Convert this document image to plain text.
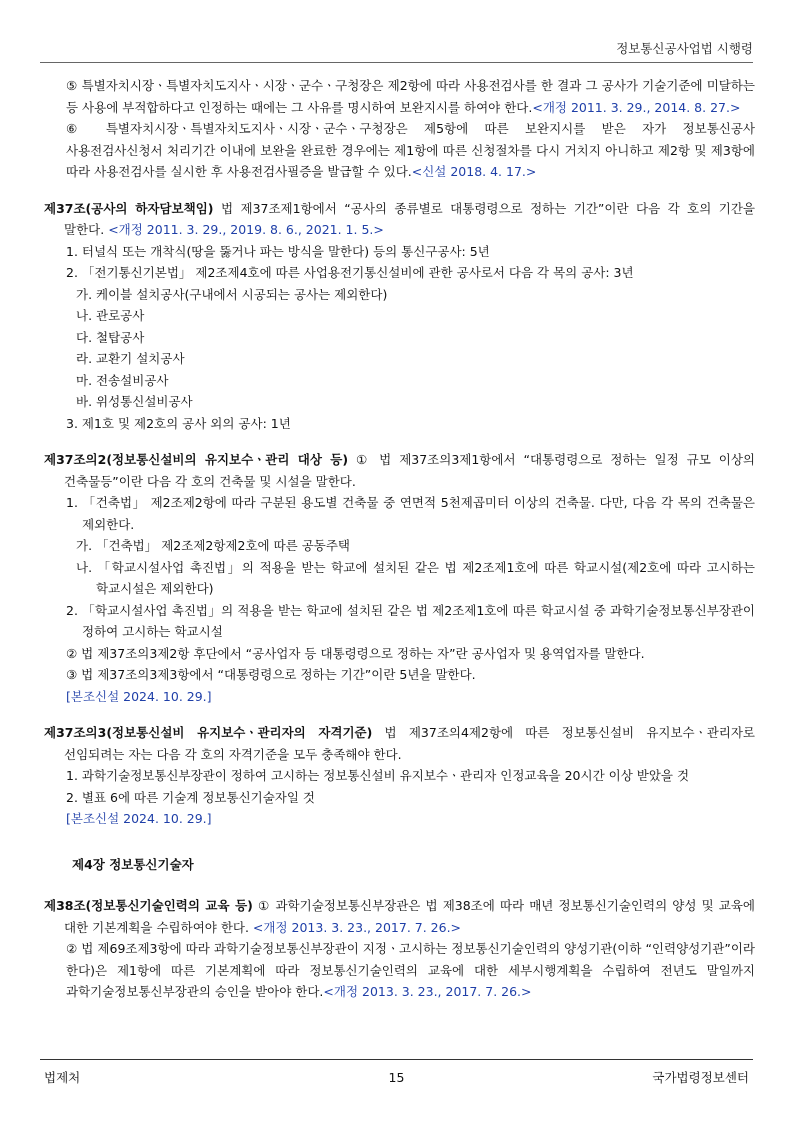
정보통신공사업법 시행령

⑤ 특별자치시장ㆍ특별자치도지사ㆍ시장ㆍ군수ㆍ구청장은 제2항에 따라 사용전검사를 한 결과 그 공사가 기술기준에 미달하는 등 사용에 부적합하다고 인정하는 때에는 그 사유를 명시하여 보완지시를 하여야 한다.<개정 2011. 3. 29., 2014. 8. 27.>

⑥ 특별자치시장ㆍ특별자치도지사ㆍ시장ㆍ군수ㆍ구청장은 제5항에 따른 보완지시를 받은 자가 정보통신공사 사용전검사신청서 처리기간 이내에 보완을 완료한 경우에는 제1항에 따른 신청절차를 다시 거치지 아니하고 제2항 및 제3항에 따라 사용전검사를 실시한 후 사용전검사필증을 발급할 수 있다.<신설 2018. 4. 17.>

제37조(공사의 하자담보책임) 법 제37조제1항에서 “공사의 종류별로 대통령령으로 정하는 기간”이란 다음 각 호의 기간을 말한다. <개정 2011. 3. 29., 2019. 8. 6., 2021. 1. 5.>

1. 터널식 또는 개착식(땅을 뚫거나 파는 방식을 말한다) 등의 통신구공사: 5년

2. 「전기통신기본법」 제2조제4호에 따른 사업용전기통신설비에 관한 공사로서 다음 각 목의 공사: 3년

가. 케이블 설치공사(구내에서 시공되는 공사는 제외한다)

나. 관로공사

다. 철탑공사

라. 교환기 설치공사

마. 전송설비공사

바. 위성통신설비공사

3. 제1호 및 제2호의 공사 외의 공사: 1년

제37조의2(정보통신설비의 유지보수ㆍ관리 대상 등) ① 법 제37조의3제1항에서 “대통령령으로 정하는 일정 규모 이상의 건축물등”이란 다음 각 호의 건축물 및 시설을 말한다.

1. 「건축법」 제2조제2항에 따라 구분된 용도별 건축물 중 연면적 5천제곱미터 이상의 건축물. 다만, 다음 각 목의 건축물은 제외한다.

가. 「건축법」 제2조제2항제2호에 따른 공동주택

나. 「학교시설사업 촉진법」의 적용을 받는 학교에 설치된 같은 법 제2조제1호에 따른 학교시설(제2호에 따라 고시하는 학교시설은 제외한다)

2. 「학교시설사업 촉진법」의 적용을 받는 학교에 설치된 같은 법 제2조제1호에 따른 학교시설 중 과학기술정보통신부장관이 정하여 고시하는 학교시설

② 법 제37조의3제2항 후단에서 “공사업자 등 대통령령으로 정하는 자”란 공사업자 및 용역업자를 말한다.

③ 법 제37조의3제3항에서 “대통령령으로 정하는 기간”이란 5년을 말한다.

[본조신설 2024. 10. 29.]

제37조의3(정보통신설비 유지보수ㆍ관리자의 자격기준) 법 제37조의4제2항에 따른 정보통신설비 유지보수ㆍ관리자로 선임되려는 자는 다음 각 호의 자격기준을 모두 충족해야 한다.

1. 과학기술정보통신부장관이 정하여 고시하는 정보통신설비 유지보수ㆍ관리자 인정교육을 20시간 이상 받았을 것

2. 별표 6에 따른 기술계 정보통신기술자일 것

[본조신설 2024. 10. 29.]

제4장 정보통신기술자

제38조(정보통신기술인력의 교육 등) ① 과학기술정보통신부장관은 법 제38조에 따라 매년 정보통신기술인력의 양성 및 교육에 대한 기본계획을 수립하여야 한다. <개정 2013. 3. 23., 2017. 7. 26.>

② 법 제69조제3항에 따라 과학기술정보통신부장관이 지정ㆍ고시하는 정보통신기술인력의 양성기관(이하 “인력양성기관”이라 한다)은 제1항에 따른 기본계획에 따라 정보통신기술인력의 교육에 대한 세부시행계획을 수립하여 전년도 말일까지 과학기술정보통신부장관의 승인을 받아야 한다.<개정 2013. 3. 23., 2017. 7. 26.>

법제처	15	국가법령정보센터
